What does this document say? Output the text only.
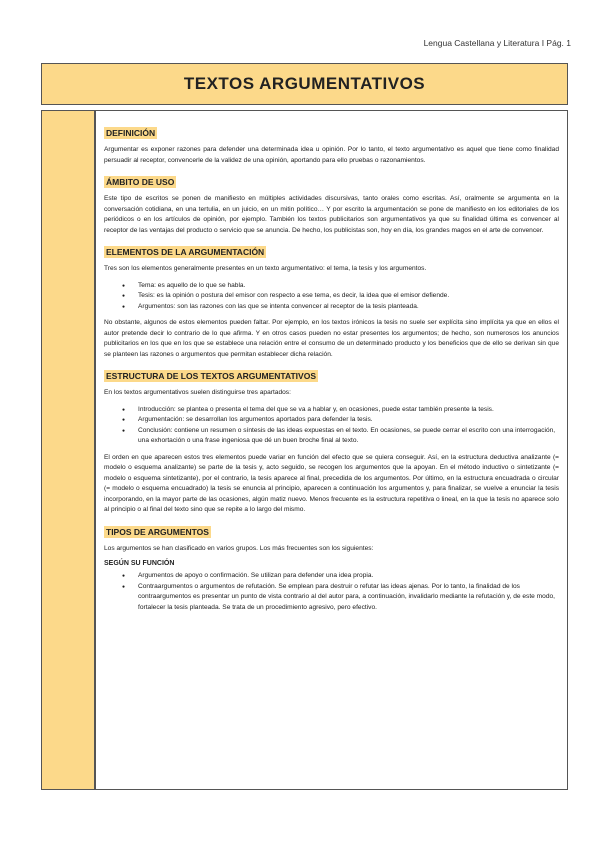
Lengua Castellana y Literatura I Pág. 1
TEXTOS ARGUMENTATIVOS
DEFINICIÓN

Argumentar es exponer razones para defender una determinada idea u opinión. Por lo tanto, el texto argumentativo es aquel que tiene como finalidad persuadir al receptor, convencerle de la validez de una opinión, aportando para ello pruebas o razonamientos.

ÁMBITO DE USO

Este tipo de escritos se ponen de manifiesto en múltiples actividades discursivas, tanto orales como escritas. Así, oralmente se argumenta en la conversación cotidiana, en una tertulia, en un juicio, en un mitin político… Y por escrito la argumentación se pone de manifiesto en los editoriales de los periódicos o en los artículos de opinión, por ejemplo. También los textos publicitarios son argumentativos ya que su finalidad última es convencer al receptor de las ventajas del producto o servicio que se anuncia. De hecho, los publicistas son, hoy en día, los grandes magos en el arte de convencer.

ELEMENTOS DE LA ARGUMENTACIÓN

Tres son los elementos generalmente presentes en un texto argumentativo: el tema, la tesis y los argumentos.

● Tema: es aquello de lo que se habla.
● Tesis: es la opinión o postura del emisor con respecto a ese tema, es decir, la idea que el emisor defiende.
● Argumentos: son las razones con las que se intenta convencer al receptor de la tesis planteada.

No obstante, algunos de estos elementos pueden faltar. Por ejemplo, en los textos irónicos la tesis no suele ser explícita sino implícita ya que en ellos el autor pretende decir lo contrario de lo que afirma. Y en otros casos pueden no estar presentes los argumentos; de hecho, son numerosos los anuncios publicitarios en los que en los que se establece una relación entre el consumo de un determinado producto y los beneficios que de ello se derivan sin que se planteen las razones o argumentos que permitan establecer dicha relación.

ESTRUCTURA DE LOS TEXTOS ARGUMENTATIVOS

En los textos argumentativos suelen distinguirse tres apartados:

● Introducción: se plantea o presenta el tema del que se va a hablar y, en ocasiones, puede estar también presente la tesis.
● Argumentación: se desarrollan los argumentos aportados para defender la tesis.
● Conclusión: contiene un resumen o síntesis de las ideas expuestas en el texto. En ocasiones, se puede cerrar el escrito con una interrogación, una exhortación o una frase ingeniosa que dé un buen broche final al texto.

El orden en que aparecen estos tres elementos puede variar en función del efecto que se quiera conseguir. Así, en la estructura deductiva analizante (= modelo o esquema analizante) se parte de la tesis y, acto seguido, se recogen los argumentos que la apoyan. En el método inductivo o sintetizante (= modelo o esquema sintetizante), por el contrario, la tesis aparece al final, precedida de los argumentos. Por último, en la estructura encuadrada o circular (= modelo o esquema encuadrado) la tesis se enuncia al principio, aparecen a continuación los argumentos y, para finalizar, se vuelve a enunciar la tesis incorporando, en la mayor parte de las ocasiones, algún matiz nuevo. Menos frecuente es la estructura repetitiva o lineal, en la que la tesis no aparece solo al principio o al final del texto sino que se repite a lo largo del mismo.

TIPOS DE ARGUMENTOS

Los argumentos se han clasificado en varios grupos. Los más frecuentes son los siguientes:

SEGÚN SU FUNCIÓN
● Argumentos de apoyo o confirmación. Se utilizan para defender una idea propia.
● Contraargumentos o argumentos de refutación. Se emplean para destruir o refutar las ideas ajenas. Por lo tanto, la finalidad de los contraargumentos es presentar un punto de vista contrario al del autor para, a continuación, invalidarlo mediante la refutación y, de este modo, fortalecer la tesis planteada. Se trata de un procedimiento agresivo, pero efectivo.
